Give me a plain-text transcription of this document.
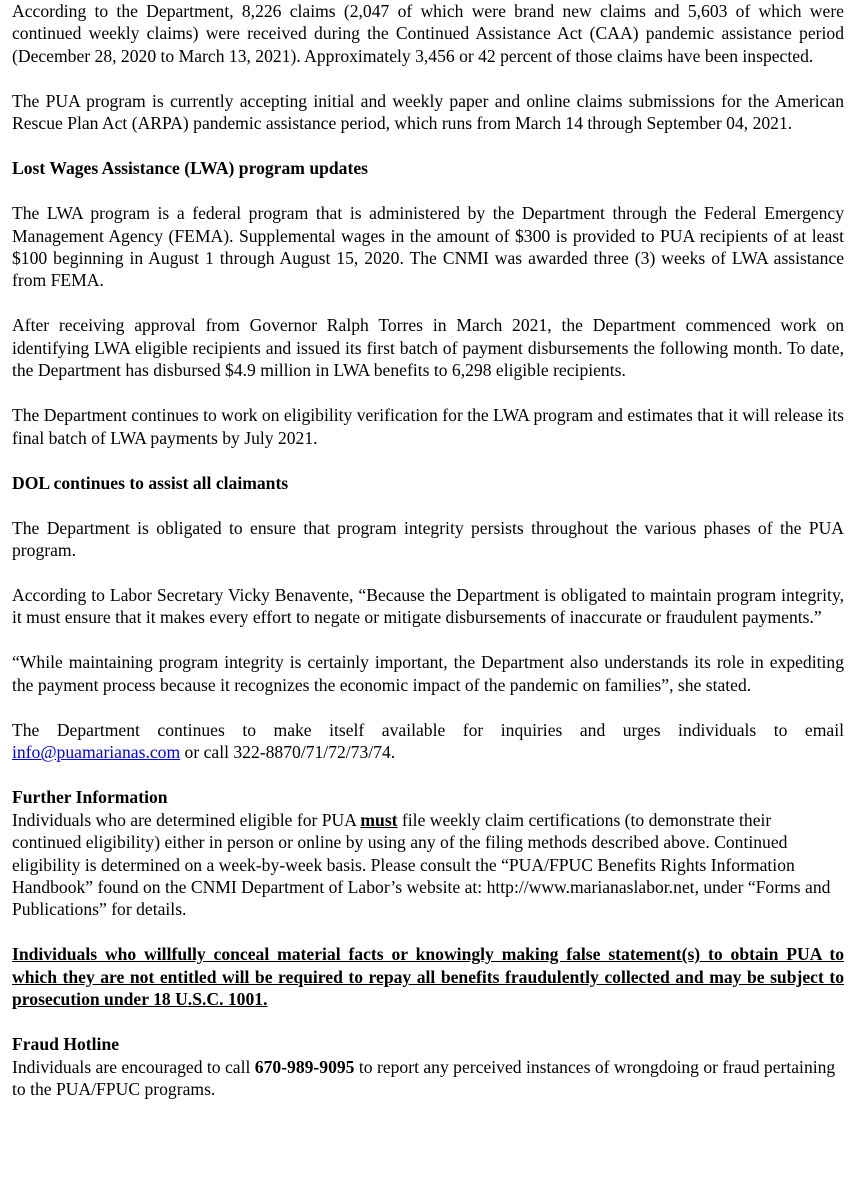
According to the Department, 8,226 claims (2,047 of which were brand new claims and 5,603 of which were continued weekly claims) were received during the Continued Assistance Act (CAA) pandemic assistance period (December 28, 2020 to March 13, 2021). Approximately 3,456 or 42 percent of those claims have been inspected.

The PUA program is currently accepting initial and weekly paper and online claims submissions for the American Rescue Plan Act (ARPA) pandemic assistance period, which runs from March 14 through September 04, 2021.

Lost Wages Assistance (LWA) program updates

The LWA program is a federal program that is administered by the Department through the Federal Emergency Management Agency (FEMA). Supplemental wages in the amount of $300 is provided to PUA recipients of at least $100 beginning in August 1 through August 15, 2020. The CNMI was awarded three (3) weeks of LWA assistance from FEMA.

After receiving approval from Governor Ralph Torres in March 2021, the Department commenced work on identifying LWA eligible recipients and issued its first batch of payment disbursements the following month. To date, the Department has disbursed $4.9 million in LWA benefits to 6,298 eligible recipients.

The Department continues to work on eligibility verification for the LWA program and estimates that it will release its final batch of LWA payments by July 2021.

DOL continues to assist all claimants

The Department is obligated to ensure that program integrity persists throughout the various phases of the PUA program.

According to Labor Secretary Vicky Benavente, “Because the Department is obligated to maintain program integrity, it must ensure that it makes every effort to negate or mitigate disbursements of inaccurate or fraudulent payments.”

“While maintaining program integrity is certainly important, the Department also understands its role in expediting the payment process because it recognizes the economic impact of the pandemic on families”, she stated.

The Department continues to make itself available for inquiries and urges individuals to email info@puamarianas.com or call 322-8870/71/72/73/74.

Further Information

Individuals who are determined eligible for PUA must file weekly claim certifications (to demonstrate their continued eligibility) either in person or online by using any of the filing methods described above. Continued eligibility is determined on a week-by-week basis. Please consult the “PUA/FPUC Benefits Rights Information Handbook” found on the CNMI Department of Labor’s website at: http://www.marianaslabor.net, under “Forms and Publications” for details.

Individuals who willfully conceal material facts or knowingly making false statement(s) to obtain PUA to which they are not entitled will be required to repay all benefits fraudulently collected and may be subject to prosecution under 18 U.S.C. 1001.

Fraud Hotline

Individuals are encouraged to call 670-989-9095 to report any perceived instances of wrongdoing or fraud pertaining to the PUA/FPUC programs.
